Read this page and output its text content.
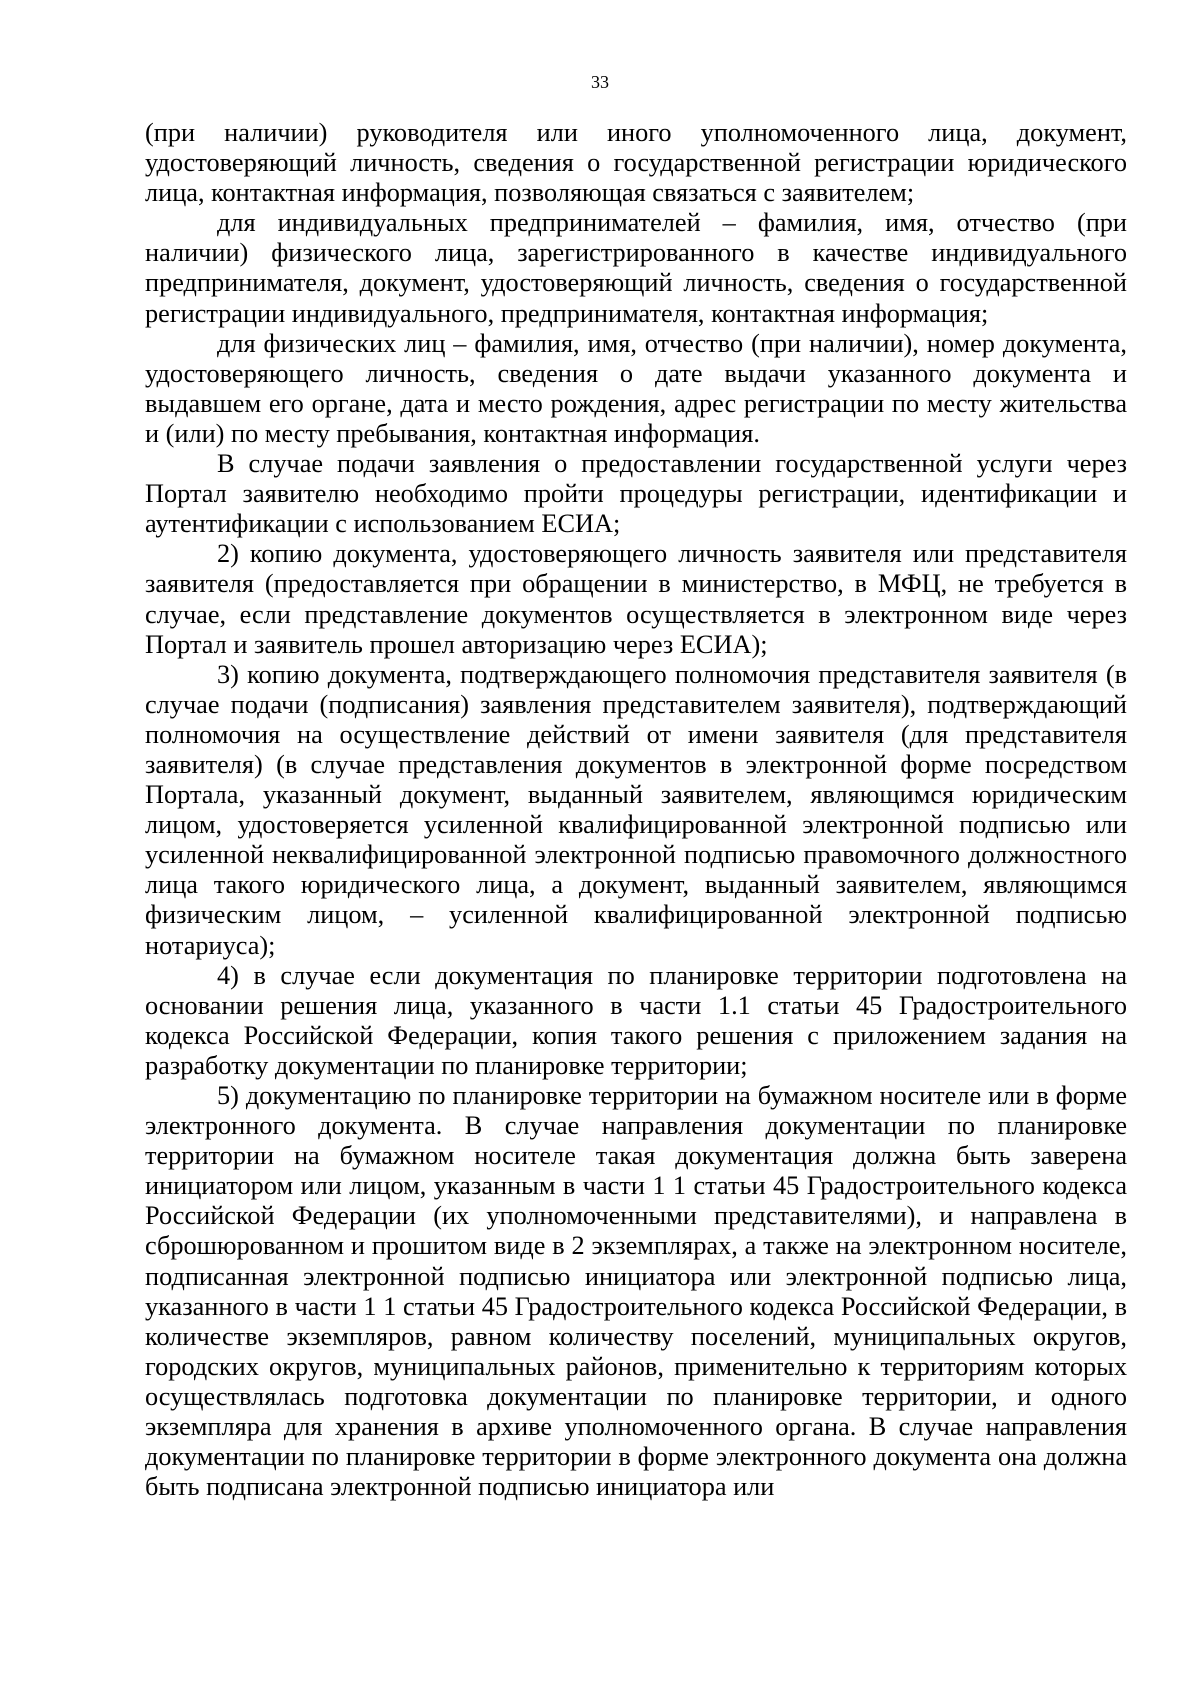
33

(при наличии) руководителя или иного уполномоченного лица, документ, удостоверяющий личность, сведения о государственной регистрации юридического лица, контактная информация, позволяющая связаться с заявителем;

для индивидуальных предпринимателей – фамилия, имя, отчество (при наличии) физического лица, зарегистрированного в качестве индивидуального предпринимателя, документ, удостоверяющий личность, сведения о государственной регистрации индивидуального, предпринимателя, контактная информация;

для физических лиц – фамилия, имя, отчество (при наличии), номер документа, удостоверяющего личность, сведения о дате выдачи указанного документа и выдавшем его органе, дата и место рождения, адрес регистрации по месту жительства и (или) по месту пребывания, контактная информация.

В случае подачи заявления о предоставлении государственной услуги через Портал заявителю необходимо пройти процедуры регистрации, идентификации и аутентификации с использованием ЕСИА;

2) копию документа, удостоверяющего личность заявителя или представителя заявителя (предоставляется при обращении в министерство, в МФЦ, не требуется в случае, если представление документов осуществляется в электронном виде через Портал и заявитель прошел авторизацию через ЕСИА);

3) копию документа, подтверждающего полномочия представителя заявителя (в случае подачи (подписания) заявления представителем заявителя), подтверждающий полномочия на осуществление действий от имени заявителя (для представителя заявителя) (в случае представления документов в электронной форме посредством Портала, указанный документ, выданный заявителем, являющимся юридическим лицом, удостоверяется усиленной квалифицированной электронной подписью или усиленной неквалифицированной электронной подписью правомочного должностного лица такого юридического лица, а документ, выданный заявителем, являющимся физическим лицом, – усиленной квалифицированной электронной подписью нотариуса);

4) в случае если документация по планировке территории подготовлена на основании решения лица, указанного в части 1.1 статьи 45 Градостроительного кодекса Российской Федерации, копия такого решения с приложением задания на разработку документации по планировке территории;

5) документацию по планировке территории на бумажном носителе или в форме электронного документа. В случае направления документации по планировке территории на бумажном носителе такая документация должна быть заверена инициатором или лицом, указанным в части 1 1 статьи 45 Градостроительного кодекса Российской Федерации (их уполномоченными представителями), и направлена в сброшюрованном и прошитом виде в 2 экземплярах, а также на электронном носителе, подписанная электронной подписью инициатора или электронной подписью лица, указанного в части 1 1 статьи 45 Градостроительного кодекса Российской Федерации, в количестве экземпляров, равном количеству поселений, муниципальных округов, городских округов, муниципальных районов, применительно к территориям которых осуществлялась подготовка документации по планировке территории, и одного экземпляра для хранения в архиве уполномоченного органа. В случае направления документации по планировке территории в форме электронного документа она должна быть подписана электронной подписью инициатора или
